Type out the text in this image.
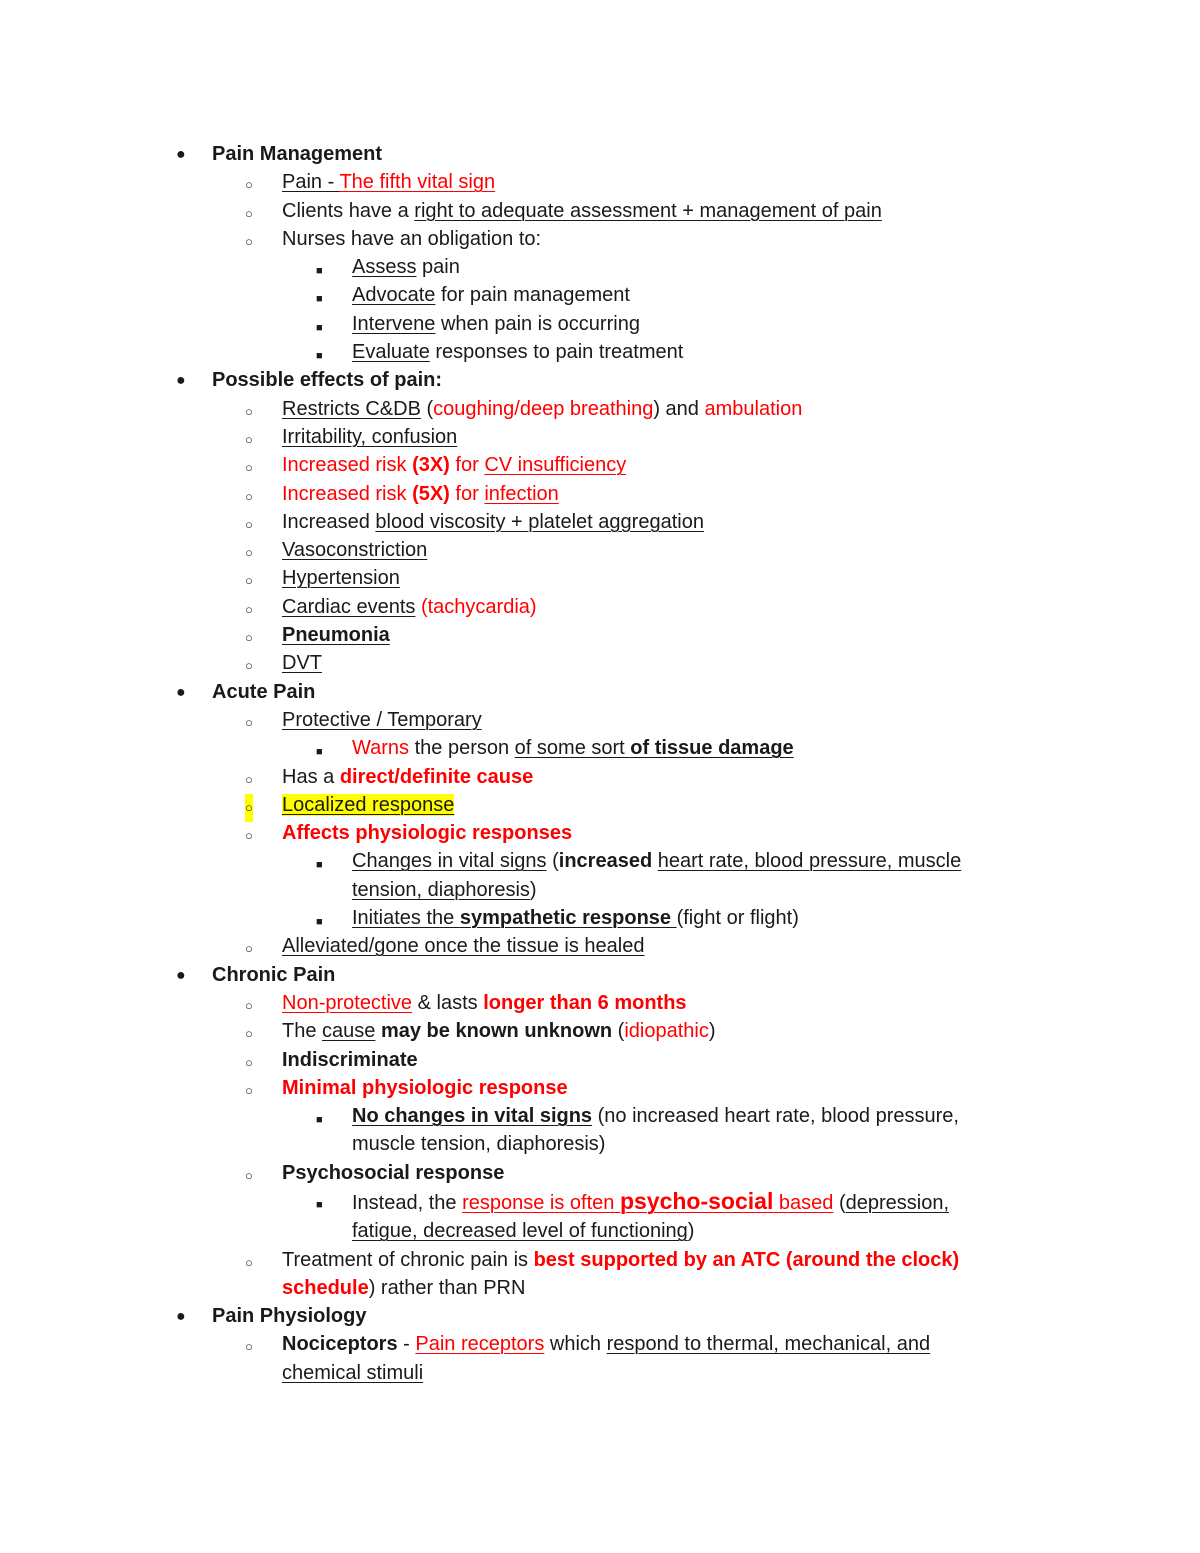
● Pain Management
○ Pain - The fifth vital sign
○ Clients have a right to adequate assessment + management of pain
○ Nurses have an obligation to:
■ Assess pain
■ Advocate for pain management
■ Intervene when pain is occurring
■ Evaluate responses to pain treatment
● Possible effects of pain:
○ Restricts C&DB (coughing/deep breathing) and ambulation
○ Irritability, confusion
○ Increased risk (3X) for CV insufficiency
○ Increased risk (5X) for infection
○ Increased blood viscosity + platelet aggregation
○ Vasoconstriction
○ Hypertension
○ Cardiac events (tachycardia)
○ Pneumonia
○ DVT
● Acute Pain
○ Protective / Temporary
■ Warns the person of some sort of tissue damage
○ Has a direct/definite cause
○ Localized response
○ Affects physiologic responses
■ Changes in vital signs (increased heart rate, blood pressure, muscle tension, diaphoresis)
■ Initiates the sympathetic response (fight or flight)
○ Alleviated/gone once the tissue is healed
● Chronic Pain
○ Non-protective & lasts longer than 6 months
○ The cause may be known unknown (idiopathic)
○ Indiscriminate
○ Minimal physiologic response
■ No changes in vital signs (no increased heart rate, blood pressure, muscle tension, diaphoresis)
○ Psychosocial response
■ Instead, the response is often psycho-social based (depression, fatigue, decreased level of functioning)
○ Treatment of chronic pain is best supported by an ATC (around the clock) schedule) rather than PRN
● Pain Physiology
○ Nociceptors - Pain receptors which respond to thermal, mechanical, and chemical stimuli
